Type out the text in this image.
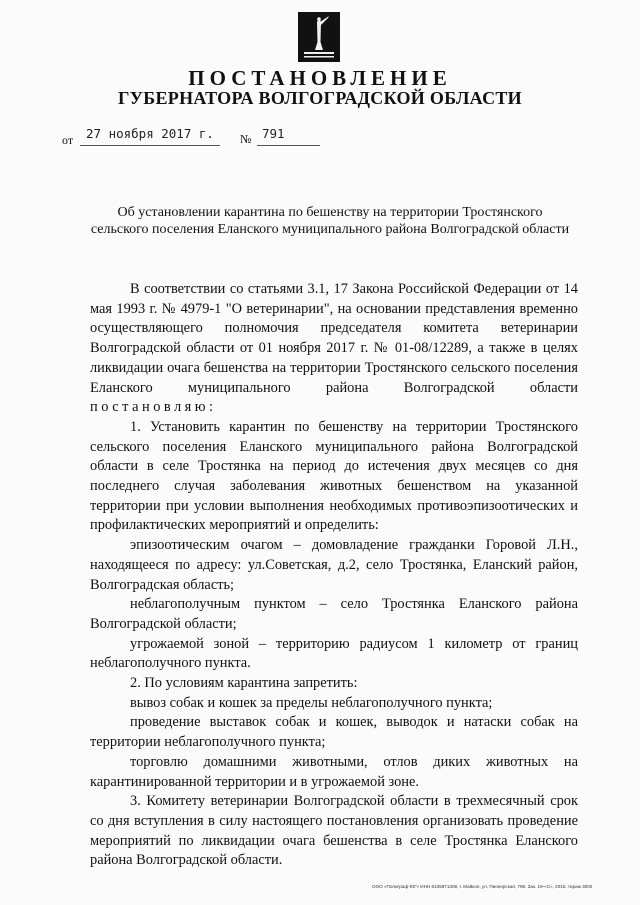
ПОСТАНОВЛЕНИЕ
ГУБЕРНАТОРА ВОЛГОГРАДСКОЙ ОБЛАСТИ
от 27 ноября 2017 г. № 791
Об установлении карантина по бешенству на территории Тростянского сельского поселения Еланского муниципального района Волгоградской области

В соответствии со статьями 3.1, 17 Закона Российской Федерации от 14 мая 1993 г. № 4979-1 "О ветеринарии", на основании представления временно осуществляющего полномочия председателя комитета ветеринарии Волгоградской области от 01 ноября 2017 г. № 01-08/12289, а также в целях ликвидации очага бешенства на территории Тростянского сельского поселения Еланского муниципального района Волгоградской области постановляю:

1. Установить карантин по бешенству на территории Тростянского сельского поселения Еланского муниципального района Волгоградской области в селе Тростянка на период до истечения двух месяцев со дня последнего случая заболевания животных бешенством на указанной территории при условии выполнения необходимых противоэпизоотических и профилактических мероприятий и определить:

эпизоотическим очагом – домовладение гражданки Горовой Л.Н., находящееся по адресу: ул.Советская, д.2, село Тростянка, Еланский район, Волгоградская область;

неблагополучным пунктом – село Тростянка Еланского района Волгоградской области;

угрожаемой зоной – территорию радиусом 1 километр от границ неблагополучного пункта.

2. По условиям карантина запретить:

вывоз собак и кошек за пределы неблагополучного пункта;

проведение выставок собак и кошек, выводок и натаски собак на территории неблагополучного пункта;

торговлю домашними животными, отлов диких животных на карантинированной территории и в угрожаемой зоне.

3. Комитету ветеринарии Волгоградской области в трехмесячный срок со дня вступления в силу настоящего постановления организовать проведение мероприятий по ликвидации очага бешенства в селе Тростянка Еланского района Волгоградской области.

ООО «Полиграф-ЮГ» ИНН 6105871308, г. Майкоп, ул. Пионерская, 798. Зак. 19-«С», 2015, тираж 3000
